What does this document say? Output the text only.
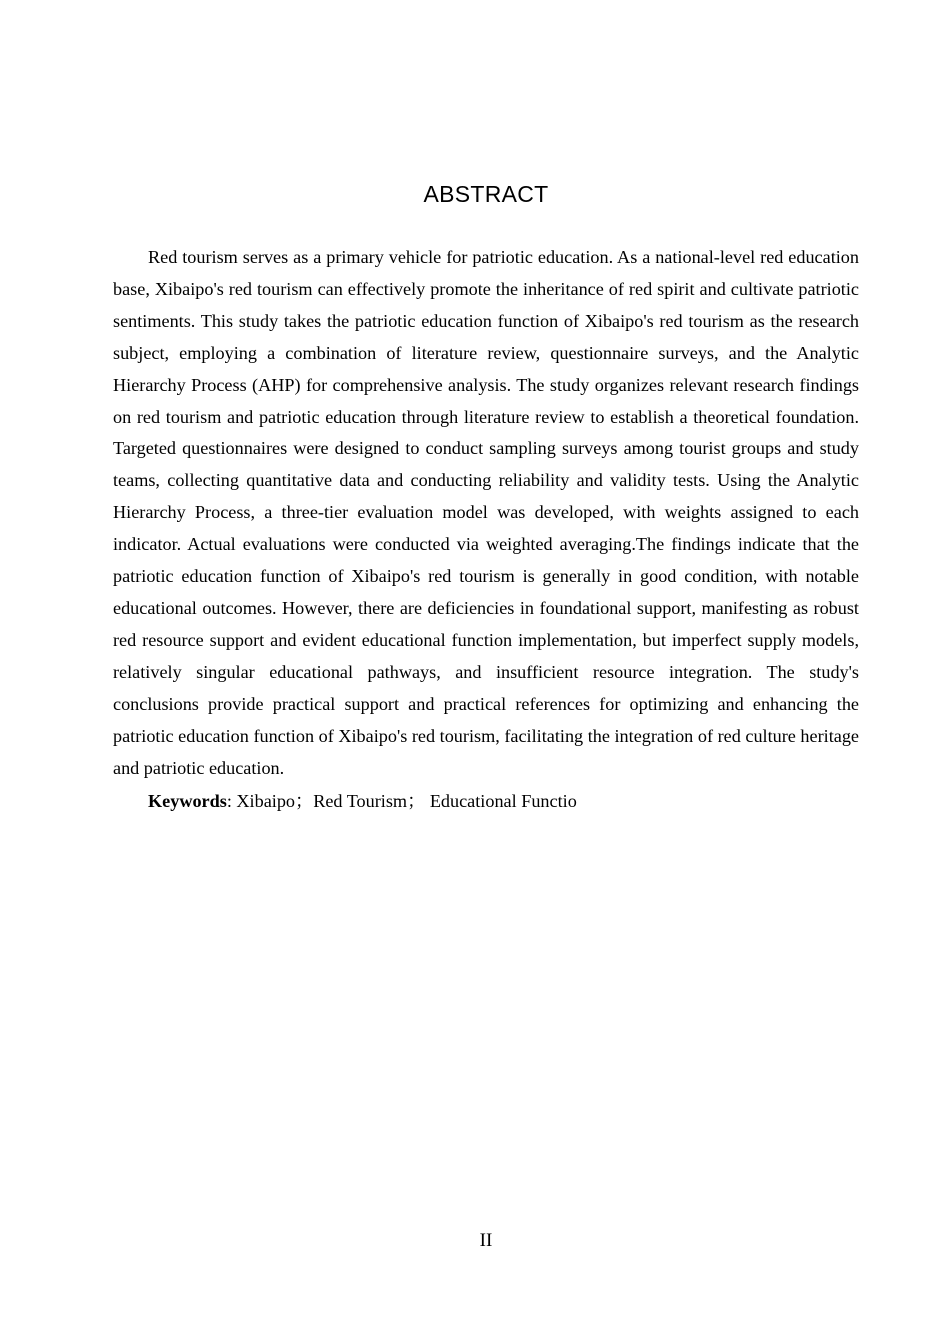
ABSTRACT

Red tourism serves as a primary vehicle for patriotic education. As a national-level red education base, Xibaipo's red tourism can effectively promote the inheritance of red spirit and cultivate patriotic sentiments. This study takes the patriotic education function of Xibaipo's red tourism as the research subject, employing a combination of literature review, questionnaire surveys, and the Analytic Hierarchy Process (AHP) for comprehensive analysis. The study organizes relevant research findings on red tourism and patriotic education through literature review to establish a theoretical foundation. Targeted questionnaires were designed to conduct sampling surveys among tourist groups and study teams, collecting quantitative data and conducting reliability and validity tests. Using the Analytic Hierarchy Process, a three-tier evaluation model was developed, with weights assigned to each indicator. Actual evaluations were conducted via weighted averaging.The findings indicate that the patriotic education function of Xibaipo's red tourism is generally in good condition, with notable educational outcomes. However, there are deficiencies in foundational support, manifesting as robust red resource support and evident educational function implementation, but imperfect supply models, relatively singular educational pathways, and insufficient resource integration. The study's conclusions provide practical support and practical references for optimizing and enhancing the patriotic education function of Xibaipo's red tourism, facilitating the integration of red culture heritage and patriotic education.

Keywords: Xibaipo；Red Tourism； Educational Functio

II
